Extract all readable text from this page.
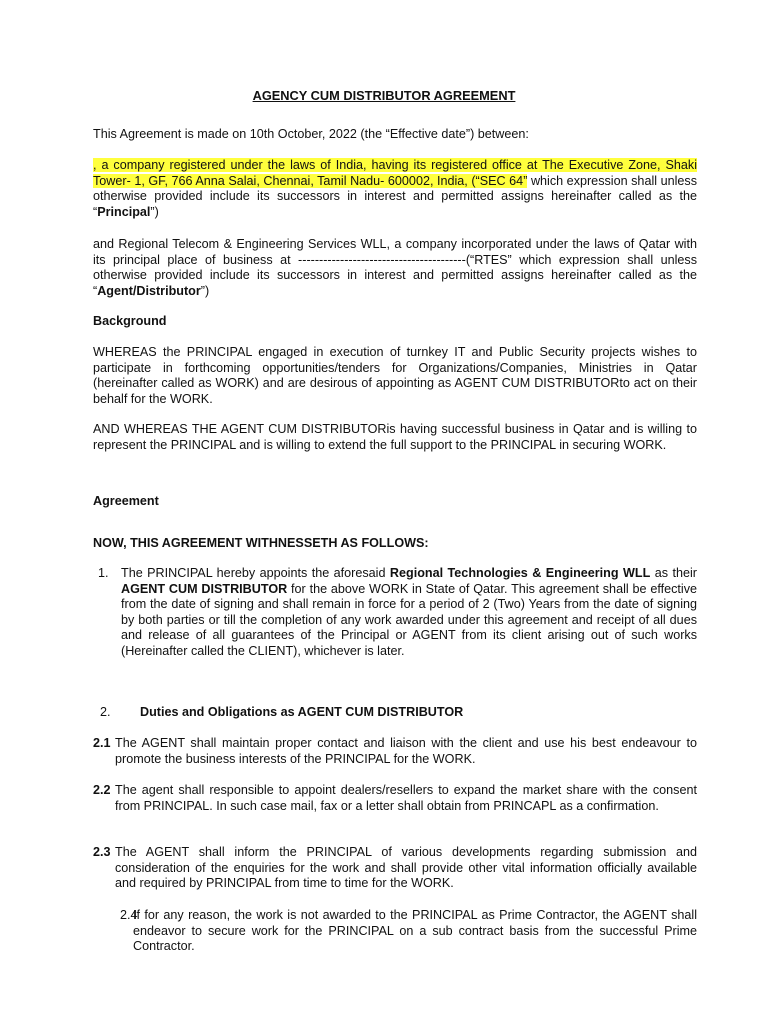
AGENCY CUM DISTRIBUTOR AGREEMENT
This Agreement is made on 10th October, 2022 (the “Effective date”) between:
, a company registered under the laws of India, having its registered office at The Executive Zone, Shaki Tower- 1, GF, 766 Anna Salai, Chennai, Tamil Nadu- 600002, India, (“SEC 64” which expression shall unless otherwise provided include its successors in interest and permitted assigns hereinafter called as the “Principal”)
and Regional Telecom & Engineering Services WLL, a company incorporated under the laws of Qatar with its principal place of business at ----------------------------------------(“RTES” which expression shall unless otherwise provided include its successors in interest and permitted assigns hereinafter called as the “Agent/Distributor”)
Background
WHEREAS the PRINCIPAL engaged in execution of turnkey IT and Public Security projects wishes to participate in forthcoming opportunities/tenders for Organizations/Companies, Ministries in Qatar (hereinafter called as WORK) and are desirous of appointing as AGENT CUM DISTRIBUTORto act on their behalf for the WORK.
AND WHEREAS THE AGENT CUM DISTRIBUTORis having successful business in Qatar and is willing to represent the PRINCIPAL and is willing to extend the full support to the PRINCIPAL in securing WORK.
Agreement
NOW, THIS AGREEMENT WITHNESSETH AS FOLLOWS:
1. The PRINCIPAL hereby appoints the aforesaid Regional Technologies & Engineering WLL as their AGENT CUM DISTRIBUTOR for the above WORK in State of Qatar. This agreement shall be effective from the date of signing and shall remain in force for a period of 2 (Two) Years from the date of signing by both parties or till the completion of any work awarded under this agreement and receipt of all dues and release of all guarantees of the Principal or AGENT from its client arising out of such works (Hereinafter called the CLIENT), whichever is later.
2. Duties and Obligations as AGENT CUM DISTRIBUTOR
2.1 The AGENT shall maintain proper contact and liaison with the client and use his best endeavour to promote the business interests of the PRINCIPAL for the WORK.
2.2 The agent shall responsible to appoint dealers/resellers to expand the market share with the consent from PRINCIPAL. In such case mail, fax or a letter shall obtain from PRINCAPL as a confirmation.
2.3 The AGENT shall inform the PRINCIPAL of various developments regarding submission and consideration of the enquiries for the work and shall provide other vital information officially available and required by PRINCIPAL from time to time for the WORK.
2.4
If for any reason, the work is not awarded to the PRINCIPAL as Prime Contractor, the AGENT shall endeavor to secure work for the PRINCIPAL on a sub contract basis from the successful Prime Contractor.
